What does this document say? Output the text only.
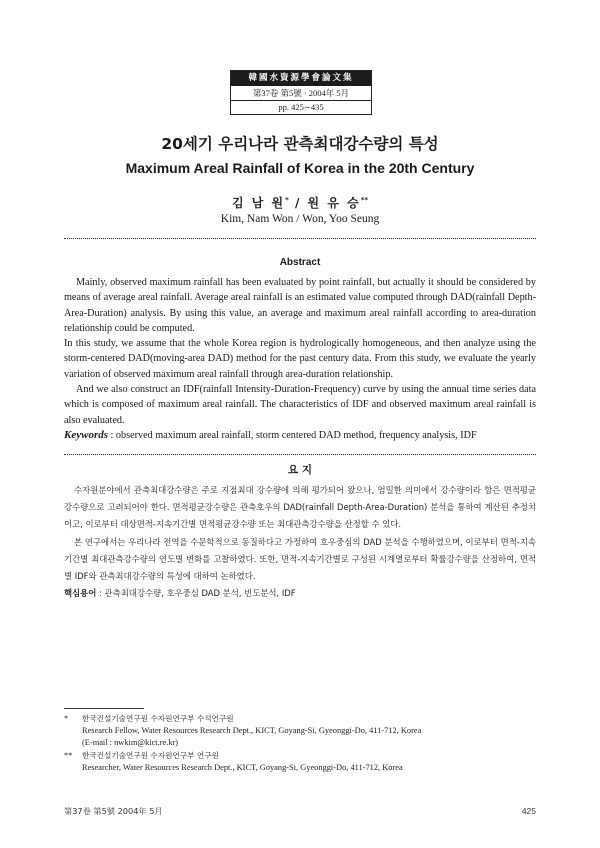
韓國水資源學會論文集
第37卷 第5號 · 2004年 5月
pp. 425∼435
20세기 우리나라 관측최대강수량의 특성
Maximum Areal Rainfall of Korea in the 20th Century
김 남 원* / 원 유 승**
Kim, Nam Won / Won, Yoo Seung
Abstract

Mainly, observed maximum rainfall has been evaluated by point rainfall, but actually it should be considered by means of average areal rainfall. Average areal rainfall is an estimated value computed through DAD(rainfall Depth-Area-Duration) analysis. By using this value, an average and maximum areal rainfall according to area-duration relationship could be computed.

In this study, we assume that the whole Korea region is hydrologically homogeneous, and then analyze using the storm-centered DAD(moving-area DAD) method for the past century data. From this study, we evaluate the yearly variation of observed maximum areal rainfall through area-duration relationship.

And we also construct an IDF(rainfall Intensity-Duration-Frequency) curve by using the annual time series data which is composed of maximum areal rainfall. The characteristics of IDF and observed maximum areal rainfall is also evaluated.

Keywords : observed maximum areal rainfall, storm centered DAD method, frequency analysis, IDF

요 지

수자원분야에서 관측최대강수량은 주로 지점최대 강수량에 의해 평가되어 왔으나, 엄밀한 의미에서 강수량이라 함은 면적평균강수량으로 고려되어야 한다. 면적평균강수량은 관측호우의 DAD(rainfall Depth-Area-Duration) 분석을 통하여 계산된 추정치이고, 이로부터 대상면적-지속기간별 면적평균강수량 또는 최대관측강수량을 산정할 수 있다.

본 연구에서는 우리나라 전역을 수문학적으로 동질하다고 가정하여 호우중심의 DAD 분석을 수행하였으며, 이로부터 면적-지속기간별 최대관측강수량의 연도별 변화를 고찰하였다. 또한, 면적-지속기간별로 구성된 시계열로부터 확률강수량을 산정하여, 면적별 IDF와 관측최대강수량의 특성에 대하여 논하였다.

핵심용어 : 관측최대강수량, 호우중심 DAD 분석, 빈도분석, IDF

*	한국건설기술연구원 수자원연구부 수석연구원
Research Fellow, Water Resources Research Dept., KICT, Goyang-Si, Gyeonggi-Do, 411-712, Korea
(E-mail : nwkim@kict.re.kr)
**	한국건설기술연구원 수자원연구부 연구원
Researcher, Water Resources Research Dept., KICT, Goyang-Si, Gyeonggi-Do, 411-712, Korea
第37卷 第5號 2004年 5月	425
